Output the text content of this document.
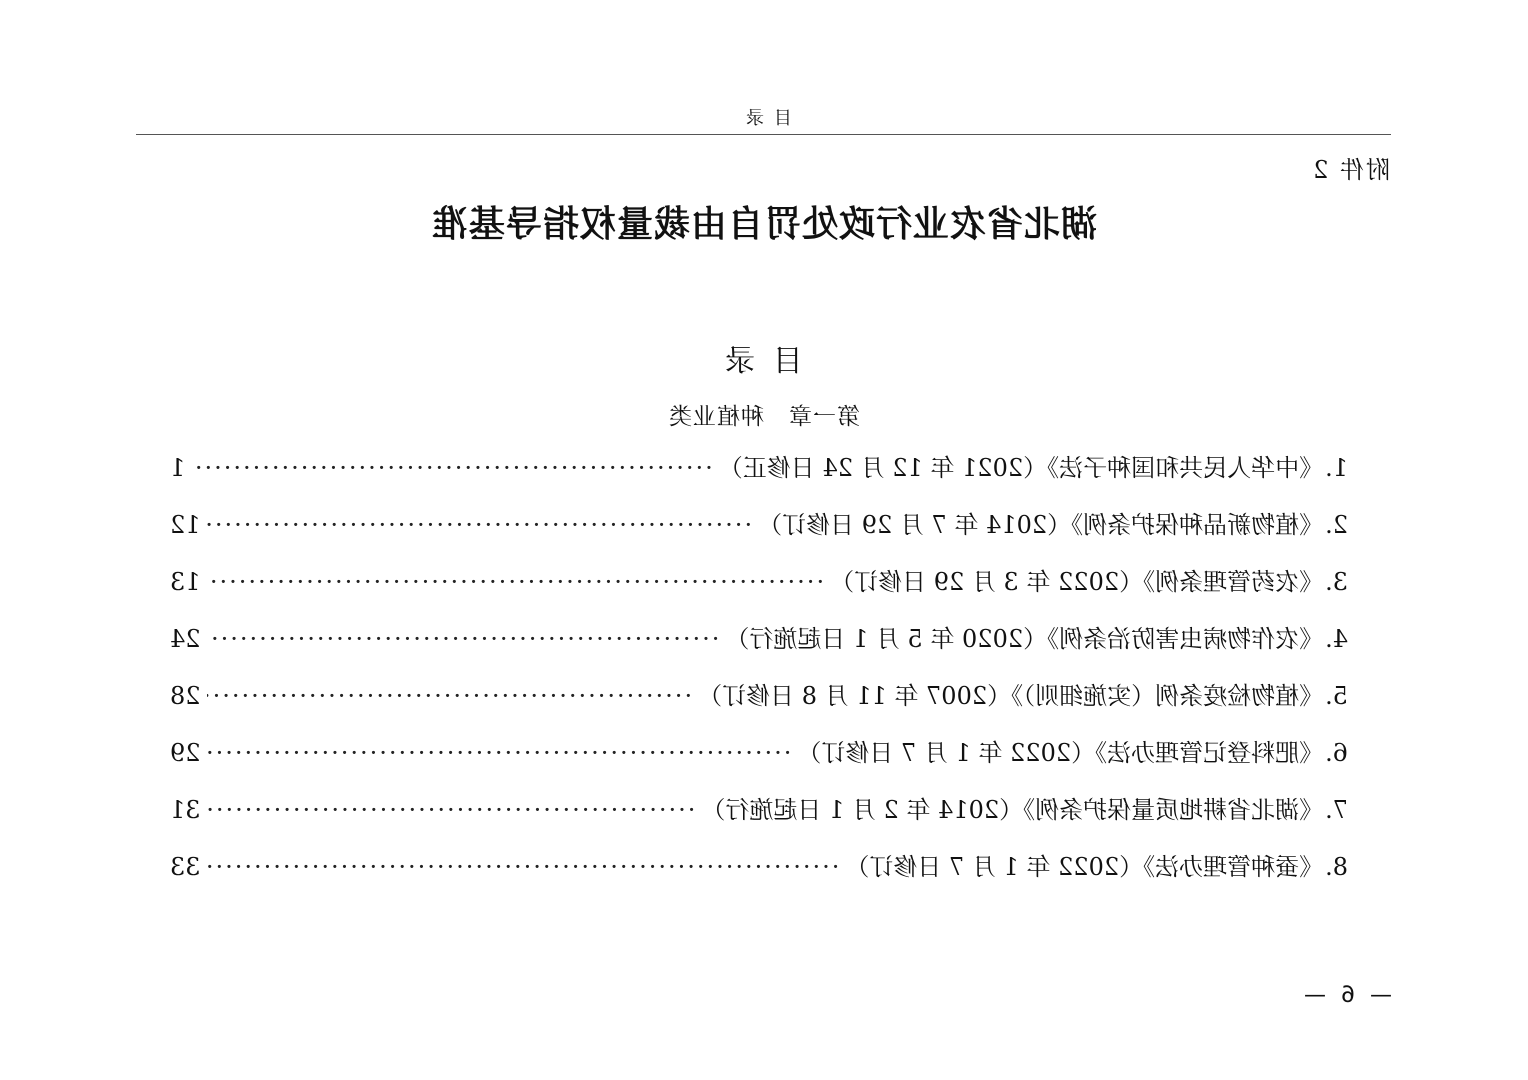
目录
附件 2
湖北省农业行政处罚自由裁量权指导基准
目录
第一章　种植业类
1.
《中华人民共和国种子法》（2021 年 12 月 24 日修正）
·····
1
2.
《植物新品种保护条例》（2014 年 7 月 29 日修订）
·····
12
3.
《农药管理条例》（2022 年 3 月 29 日修订）
·····
13
4.
《农作物病虫害防治条例》（2020 年 5 月 1 日起施行）
·····
24
5.
《植物检疫条例（实施细则）》（2007 年 11 月 8 日修订）
·····
28
6.
《肥料登记管理办法》（2022 年 1 月 7 日修订）
·····
29
7.
《湖北省耕地质量保护条例》（2014 年 2 月 1 日起施行）
·····
31
8.
《蚕种管理办法》（2022 年 1 月 7 日修订）
·····
33
— 6 —
